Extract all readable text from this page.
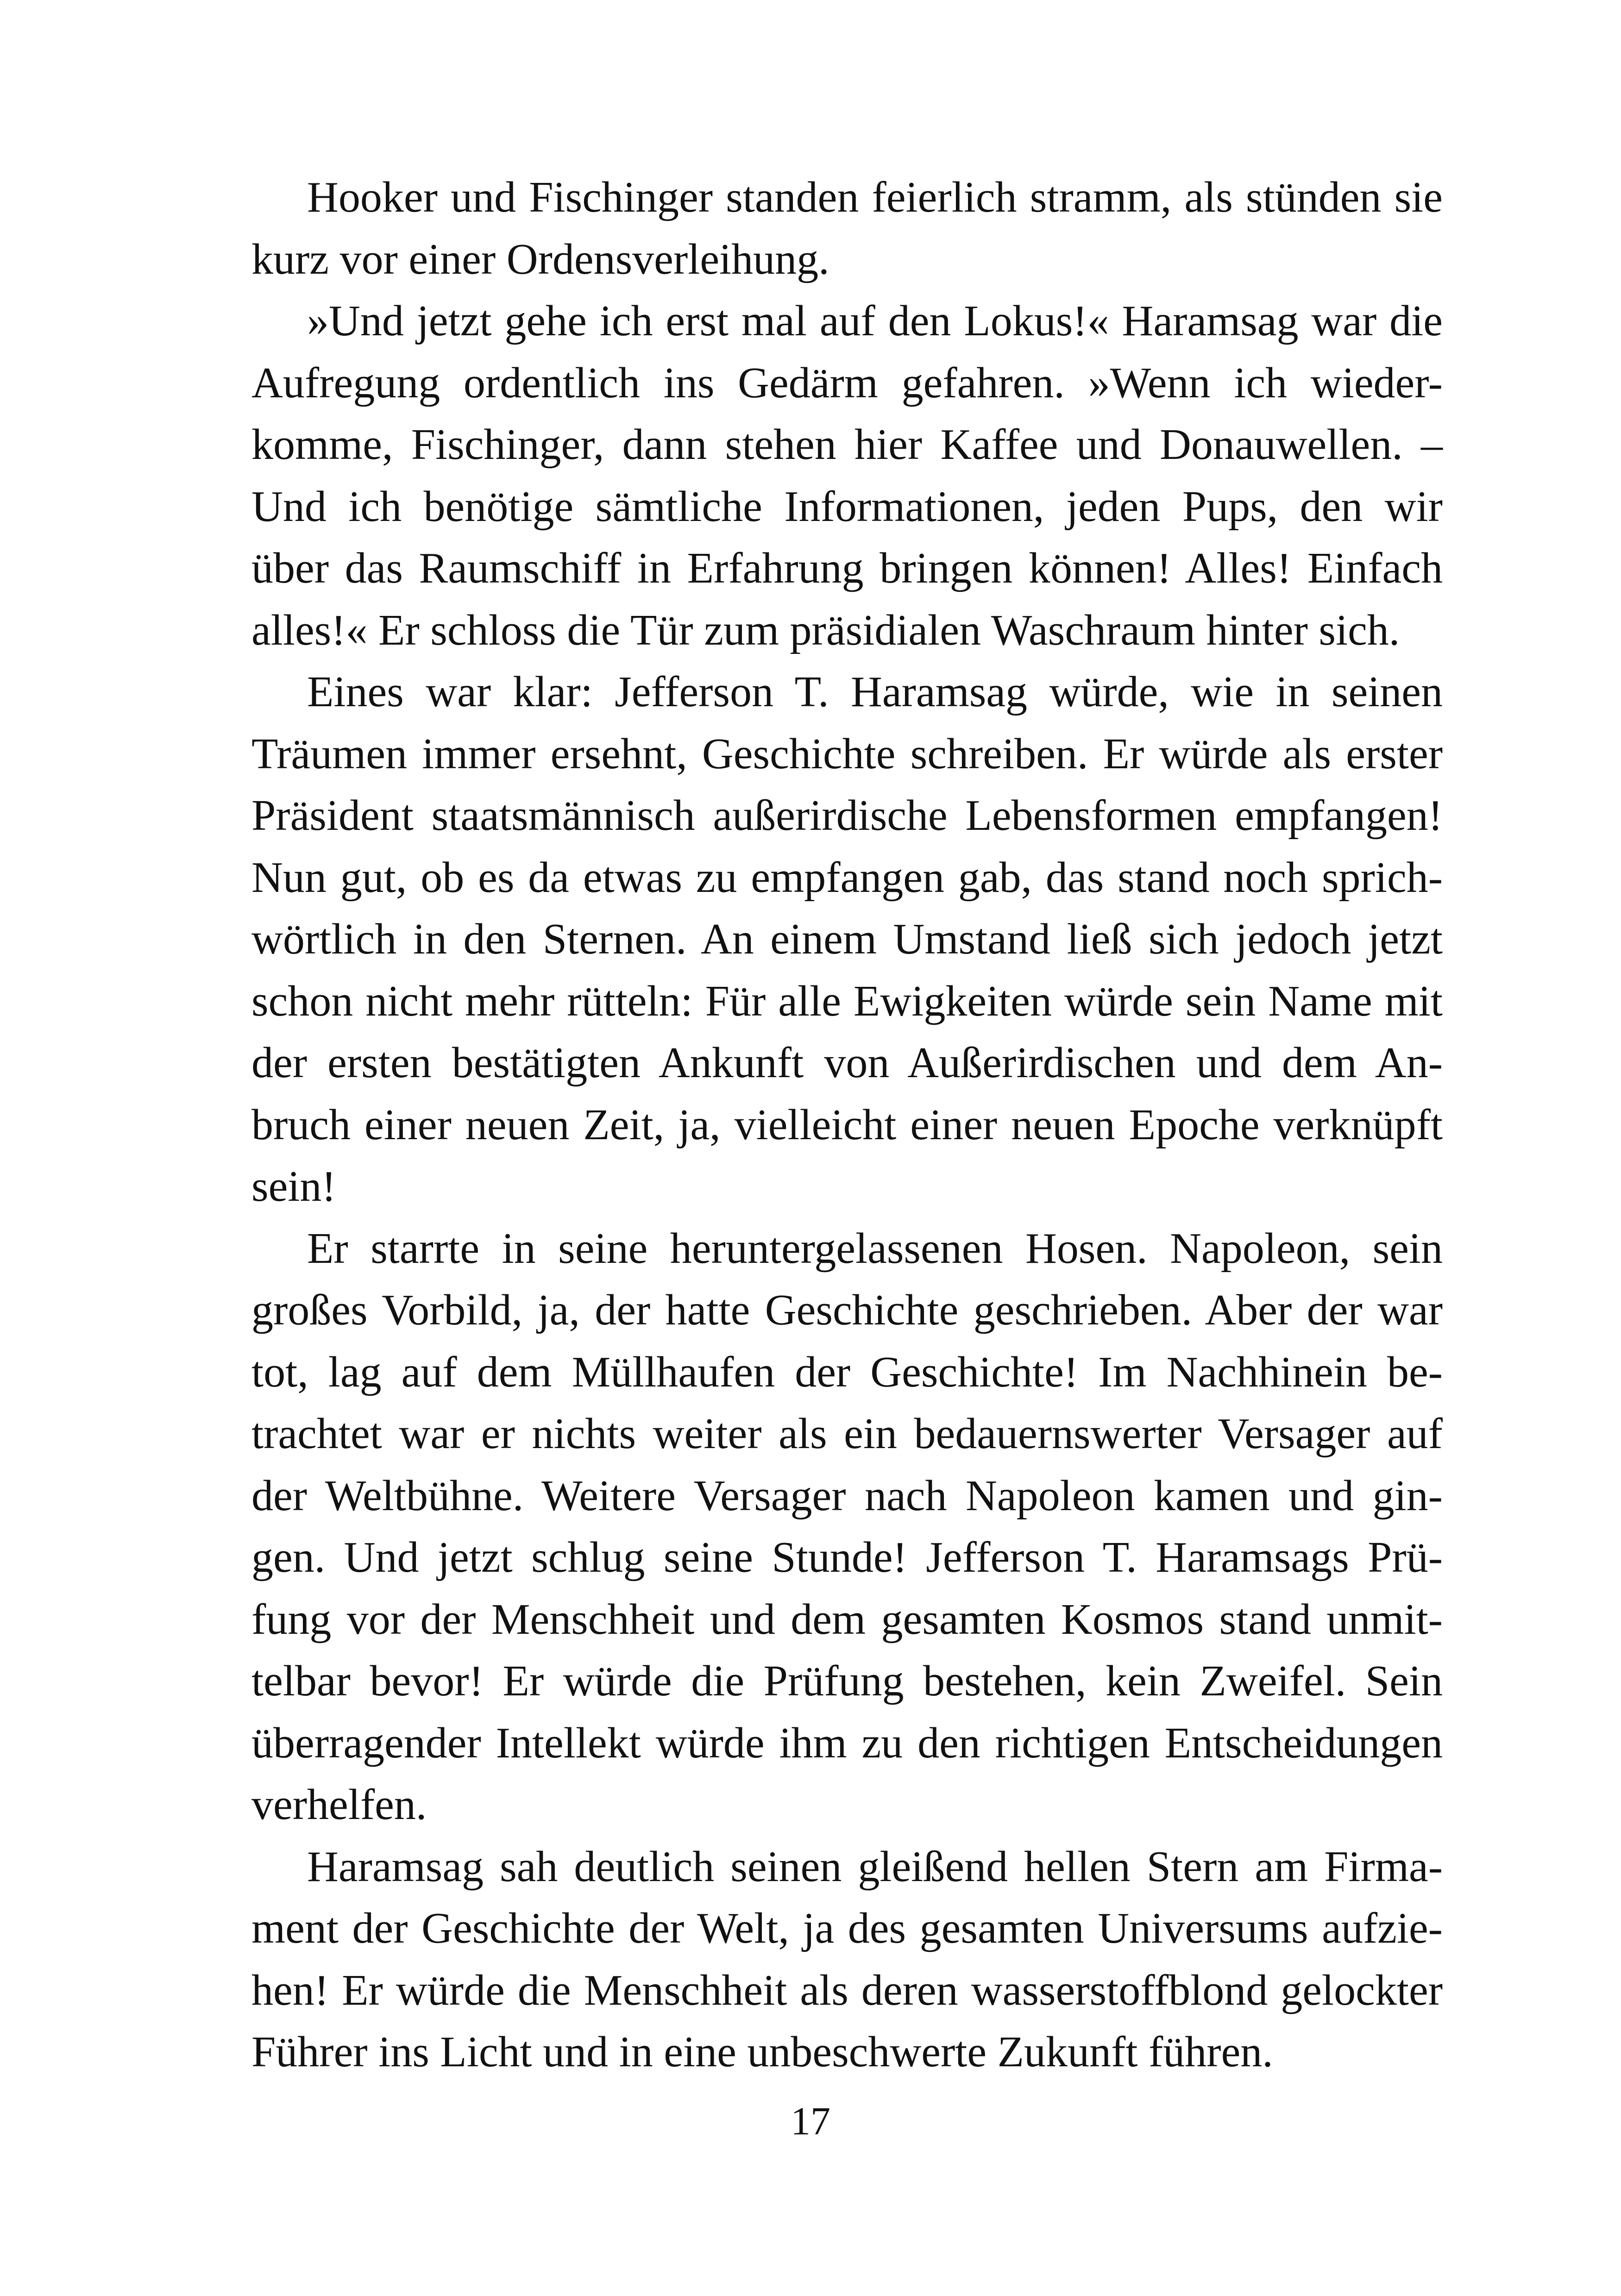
Hooker und Fischinger standen feierlich stramm, als stünden sie
kurz vor einer Ordensverleihung.
»Und jetzt gehe ich erst mal auf den Lokus!« Haramsag war die
Aufregung ordentlich ins Gedärm gefahren. »Wenn ich wieder-
komme, Fischinger, dann stehen hier Kaffee und Donauwellen. –
Und ich benötige sämtliche Informationen, jeden Pups, den wir
über das Raumschiff in Erfahrung bringen können! Alles! Einfach
alles!« Er schloss die Tür zum präsidialen Waschraum hinter sich.
Eines war klar: Jefferson T. Haramsag würde, wie in seinen
Träumen immer ersehnt, Geschichte schreiben. Er würde als erster
Präsident staatsmännisch außerirdische Lebensformen empfangen!
Nun gut, ob es da etwas zu empfangen gab, das stand noch sprich-
wörtlich in den Sternen. An einem Umstand ließ sich jedoch jetzt
schon nicht mehr rütteln: Für alle Ewigkeiten würde sein Name mit
der ersten bestätigten Ankunft von Außerirdischen und dem An-
bruch einer neuen Zeit, ja, vielleicht einer neuen Epoche verknüpft
sein!
Er starrte in seine heruntergelassenen Hosen. Napoleon, sein
großes Vorbild, ja, der hatte Geschichte geschrieben. Aber der war
tot, lag auf dem Müllhaufen der Geschichte! Im Nachhinein be-
trachtet war er nichts weiter als ein bedauernswerter Versager auf
der Weltbühne. Weitere Versager nach Napoleon kamen und gin-
gen. Und jetzt schlug seine Stunde! Jefferson T. Haramsags Prü-
fung vor der Menschheit und dem gesamten Kosmos stand unmit-
telbar bevor! Er würde die Prüfung bestehen, kein Zweifel. Sein
überragender Intellekt würde ihm zu den richtigen Entscheidungen
verhelfen.
Haramsag sah deutlich seinen gleißend hellen Stern am Firma-
ment der Geschichte der Welt, ja des gesamten Universums aufzie-
hen! Er würde die Menschheit als deren wasserstoffblond gelockter
Führer ins Licht und in eine unbeschwerte Zukunft führen.
17
